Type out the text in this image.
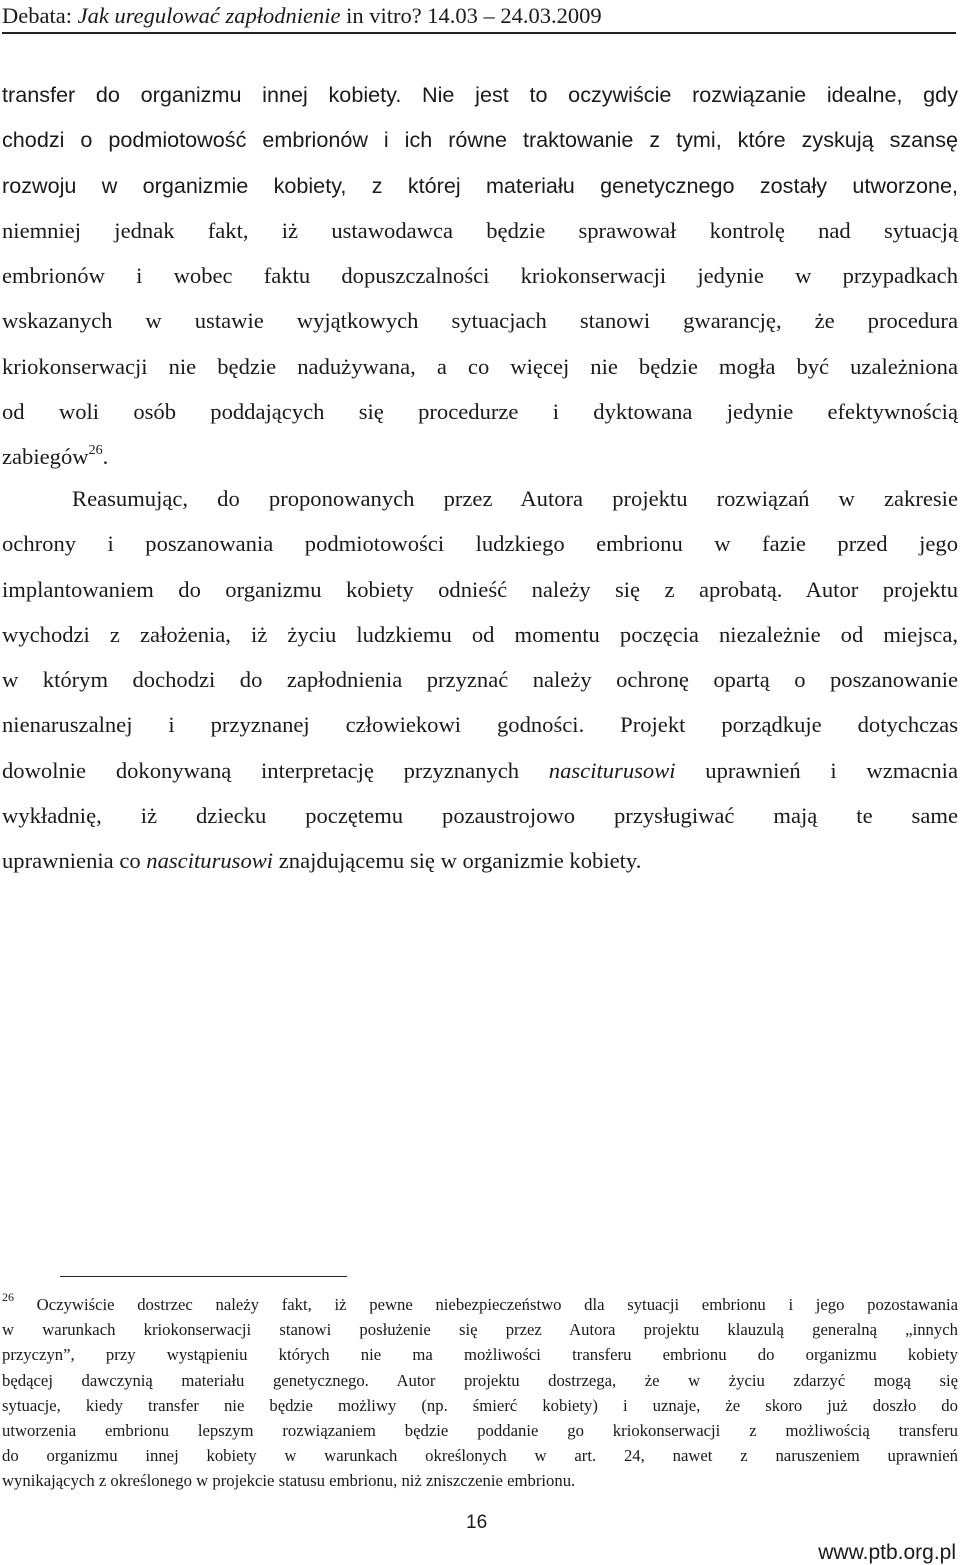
Debata: Jak uregulować zapłodnienie in vitro? 14.03 – 24.03.2009
transfer do organizmu innej kobiety. Nie jest to oczywiście rozwiązanie idealne, gdy
chodzi o podmiotowość embrionów i ich równe traktowanie z tymi, które zyskują szansę
rozwoju w organizmie kobiety, z której materiału genetycznego zostały utworzone,
niemniej jednak fakt, iż ustawodawca będzie sprawował kontrolę nad sytuacją
embrionów i wobec faktu dopuszczalności kriokonserwacji jedynie w przypadkach
wskazanych w ustawie wyjątkowych sytuacjach stanowi gwarancję, że procedura
kriokonserwacji nie będzie nadużywana, a co więcej nie będzie mogła być uzależniona
od woli osób poddających się procedurze i dyktowana jedynie efektywnością
zabiegów$^{26}$.
Reasumując, do proponowanych przez Autora projektu rozwiązań w zakresie
ochrony i poszanowania podmiotowości ludzkiego embrionu w fazie przed jego
implantowaniem do organizmu kobiety odnieść należy się z aprobatą. Autor projektu
wychodzi z założenia, iż życiu ludzkiemu od momentu poczęcia niezależnie od miejsca,
w którym dochodzi do zapłodnienia przyznać należy ochronę opartą o poszanowanie
nienaruszalnej i przyznanej człowiekowi godności. Projekt porządkuje dotychczas
dowolnie dokonywaną interpretację przyznanych nasciturusowi uprawnień i wzmacnia
wykładnię, iż dziecku poczętemu pozaustrojowo przysługiwać mają te same
uprawnienia co nasciturusowi znajdującemu się w organizmie kobiety.
$^{26}$ Oczywiście dostrzec należy fakt, iż pewne niebezpieczeństwo dla sytuacji embrionu i jego pozostawania
w warunkach kriokonserwacji stanowi posłużenie się przez Autora projektu klauzulą generalną „innych
przyczyn”, przy wystąpieniu których nie ma możliwości transferu embrionu do organizmu kobiety
będącej dawczynią materiału genetycznego. Autor projektu dostrzega, że w życiu zdarzyć mogą się
sytuacje, kiedy transfer nie będzie możliwy (np. śmierć kobiety) i uznaje, że skoro już doszło do
utworzenia embrionu lepszym rozwiązaniem będzie poddanie go kriokonserwacji z możliwością transferu
do organizmu innej kobiety w warunkach określonych w art. 24, nawet z naruszeniem uprawnień
wynikających z określonego w projekcie statusu embrionu, niż zniszczenie embrionu.
16
www.ptb.org.pl
